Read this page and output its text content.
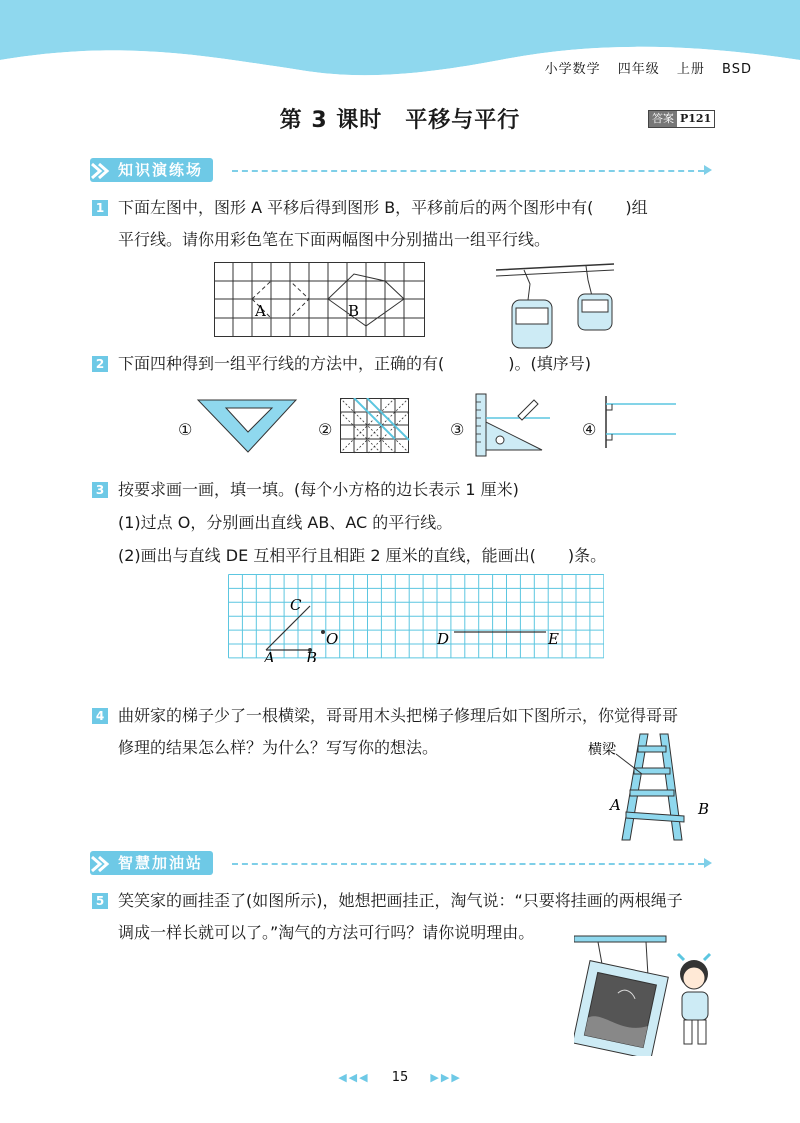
小学数学 四年级 上册 BSD
第 3 课时　平移与平行	答案 P121
知识演练场
1 下面左图中，图形 A 平移后得到图形 B，平移前后的两个图形中有(　　)组
平行线。请你用彩色笔在下面两幅图中分别描出一组平行线。
A	B
2 下面四种得到一组平行线的方法中，正确的有(　　　　)。(填序号)
①	②	③	④
3 按要求画一画，填一填。(每个小方格的边长表示 1 厘米)
(1)过点 O，分别画出直线 AB、AC 的平行线。
(2)画出与直线 DE 互相平行且相距 2 厘米的直线，能画出(　　)条。
A B
C
O	D	E
4 曲妍家的梯子少了一根横梁，哥哥用木头把梯子修理后如下图所示，你觉得哥哥
修理的结果怎么样？为什么？写写你的想法。	横梁
A	B
智慧加油站
5 笑笑家的画挂歪了(如图所示)，她想把画挂正，淘气说：“只要将挂画的两根绳子
调成一样长就可以了。”淘气的方法可行吗？请你说明理由。
◀◀◀ 15 ▶▶▶
